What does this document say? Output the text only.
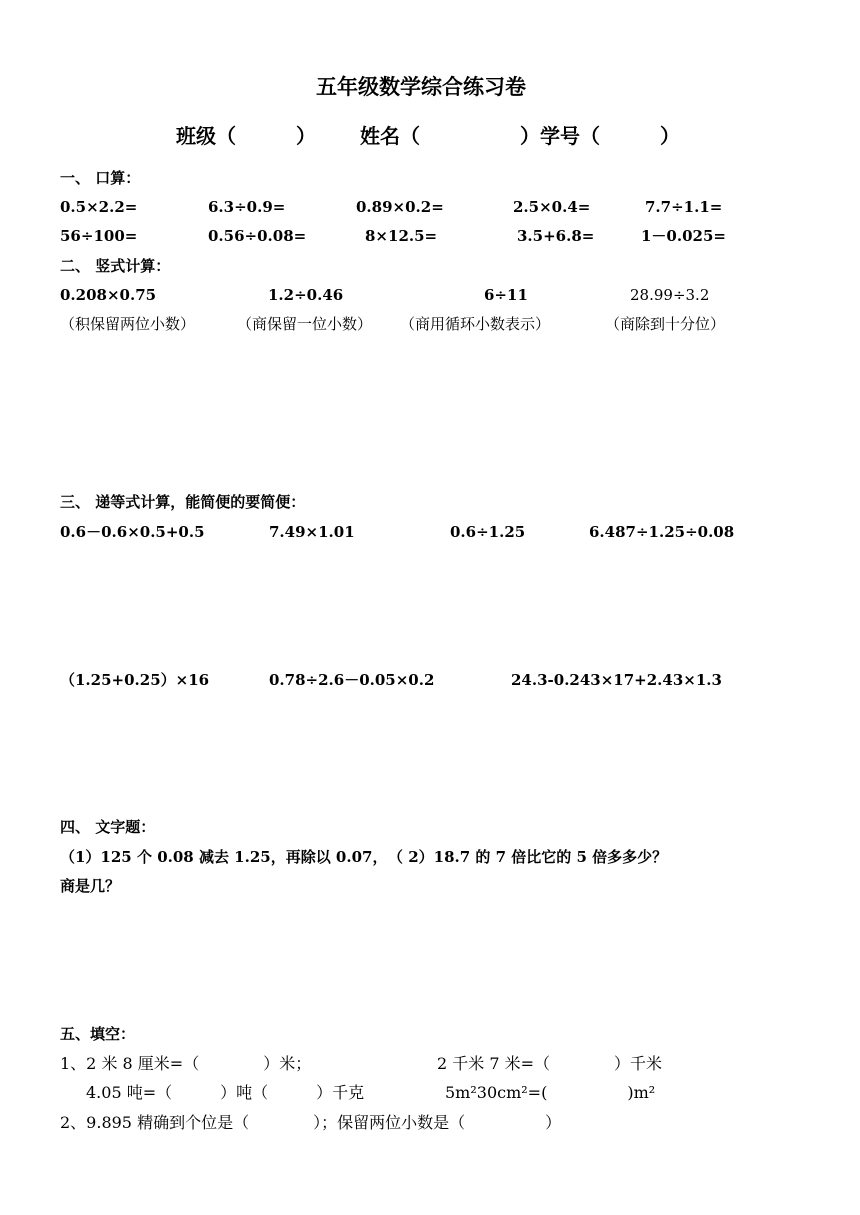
五年级数学综合练习卷
班级（　　　） 姓名（　　　　　）学号（　　　）
一、 口算：
0.5×2.2=	6.3÷0.9=	0.89×0.2=	2.5×0.4=	7.7÷1.1=
56÷100=	0.56÷0.08=	8×12.5=	3.5+6.8=	1－0.025=
二、 竖式计算：
0.208×0.75	1.2÷0.46	6÷11	28.99÷3.2
（积保留两位小数）	（商保留一位小数） （商用循环小数表示）	（商除到十分位）
三、 递等式计算，能简便的要简便：
0.6－0.6×0.5+0.5	7.49×1.01	0.6÷1.25	6.487÷1.25÷0.08
（1.25+0.25）×16	0.78÷2.6－0.05×0.2	24.3-0.243×17+2.43×1.3
四、 文字题：
（1）125 个 0.08 减去 1.25，再除以 0.07， （ 2）18.7 的 7 倍比它的 5 倍多多少？
商是几？
五、填空：
1、2 米 8 厘米=（　　　　）米；	2 千米 7 米=（　　　　）千米
4.05 吨=（　　　）吨（　　　）千克	5m²30cm²=(　　　　　)m²
2、9.895 精确到个位是（　　　　）；保留两位小数是（　　　　　）
